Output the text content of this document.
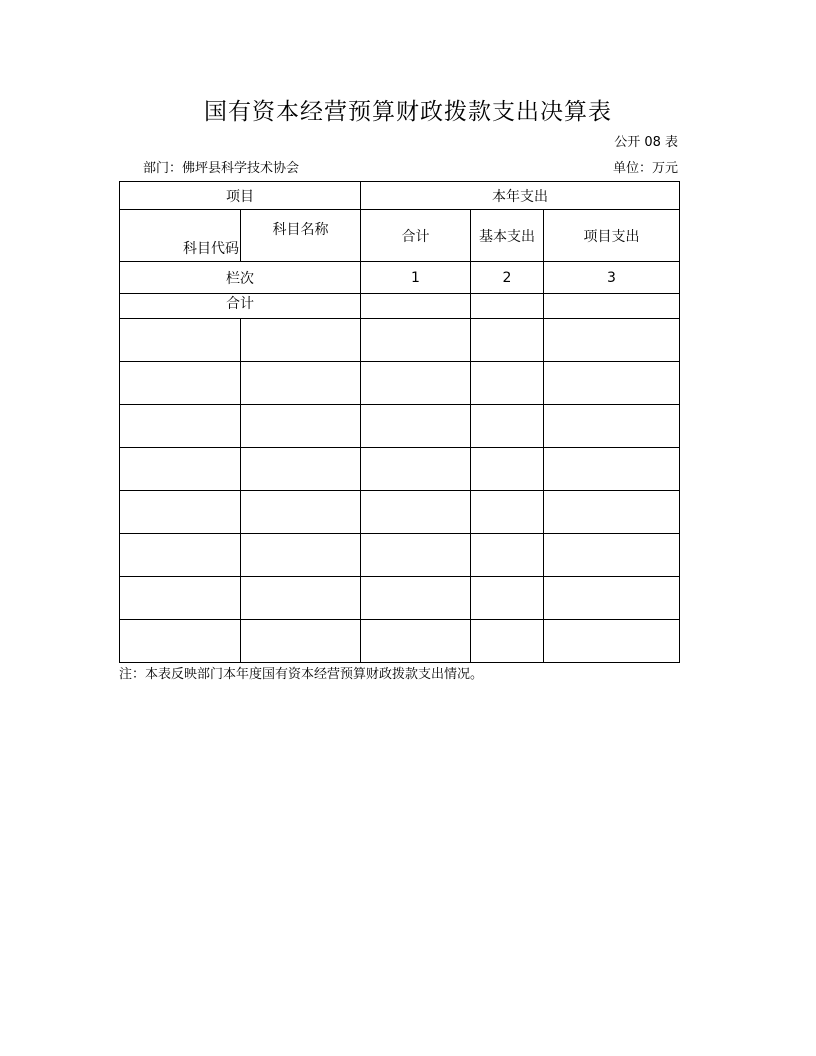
国有资本经营预算财政拨款支出决算表
公开 08 表
部门：佛坪县科学技术协会	单位：万元
项目		本年支出		
科目代码	科目名称	合计	基本支出	项目支出
栏次		1	2	3
合计				

注：本表反映部门本年度国有资本经营预算财政拨款支出情况。
